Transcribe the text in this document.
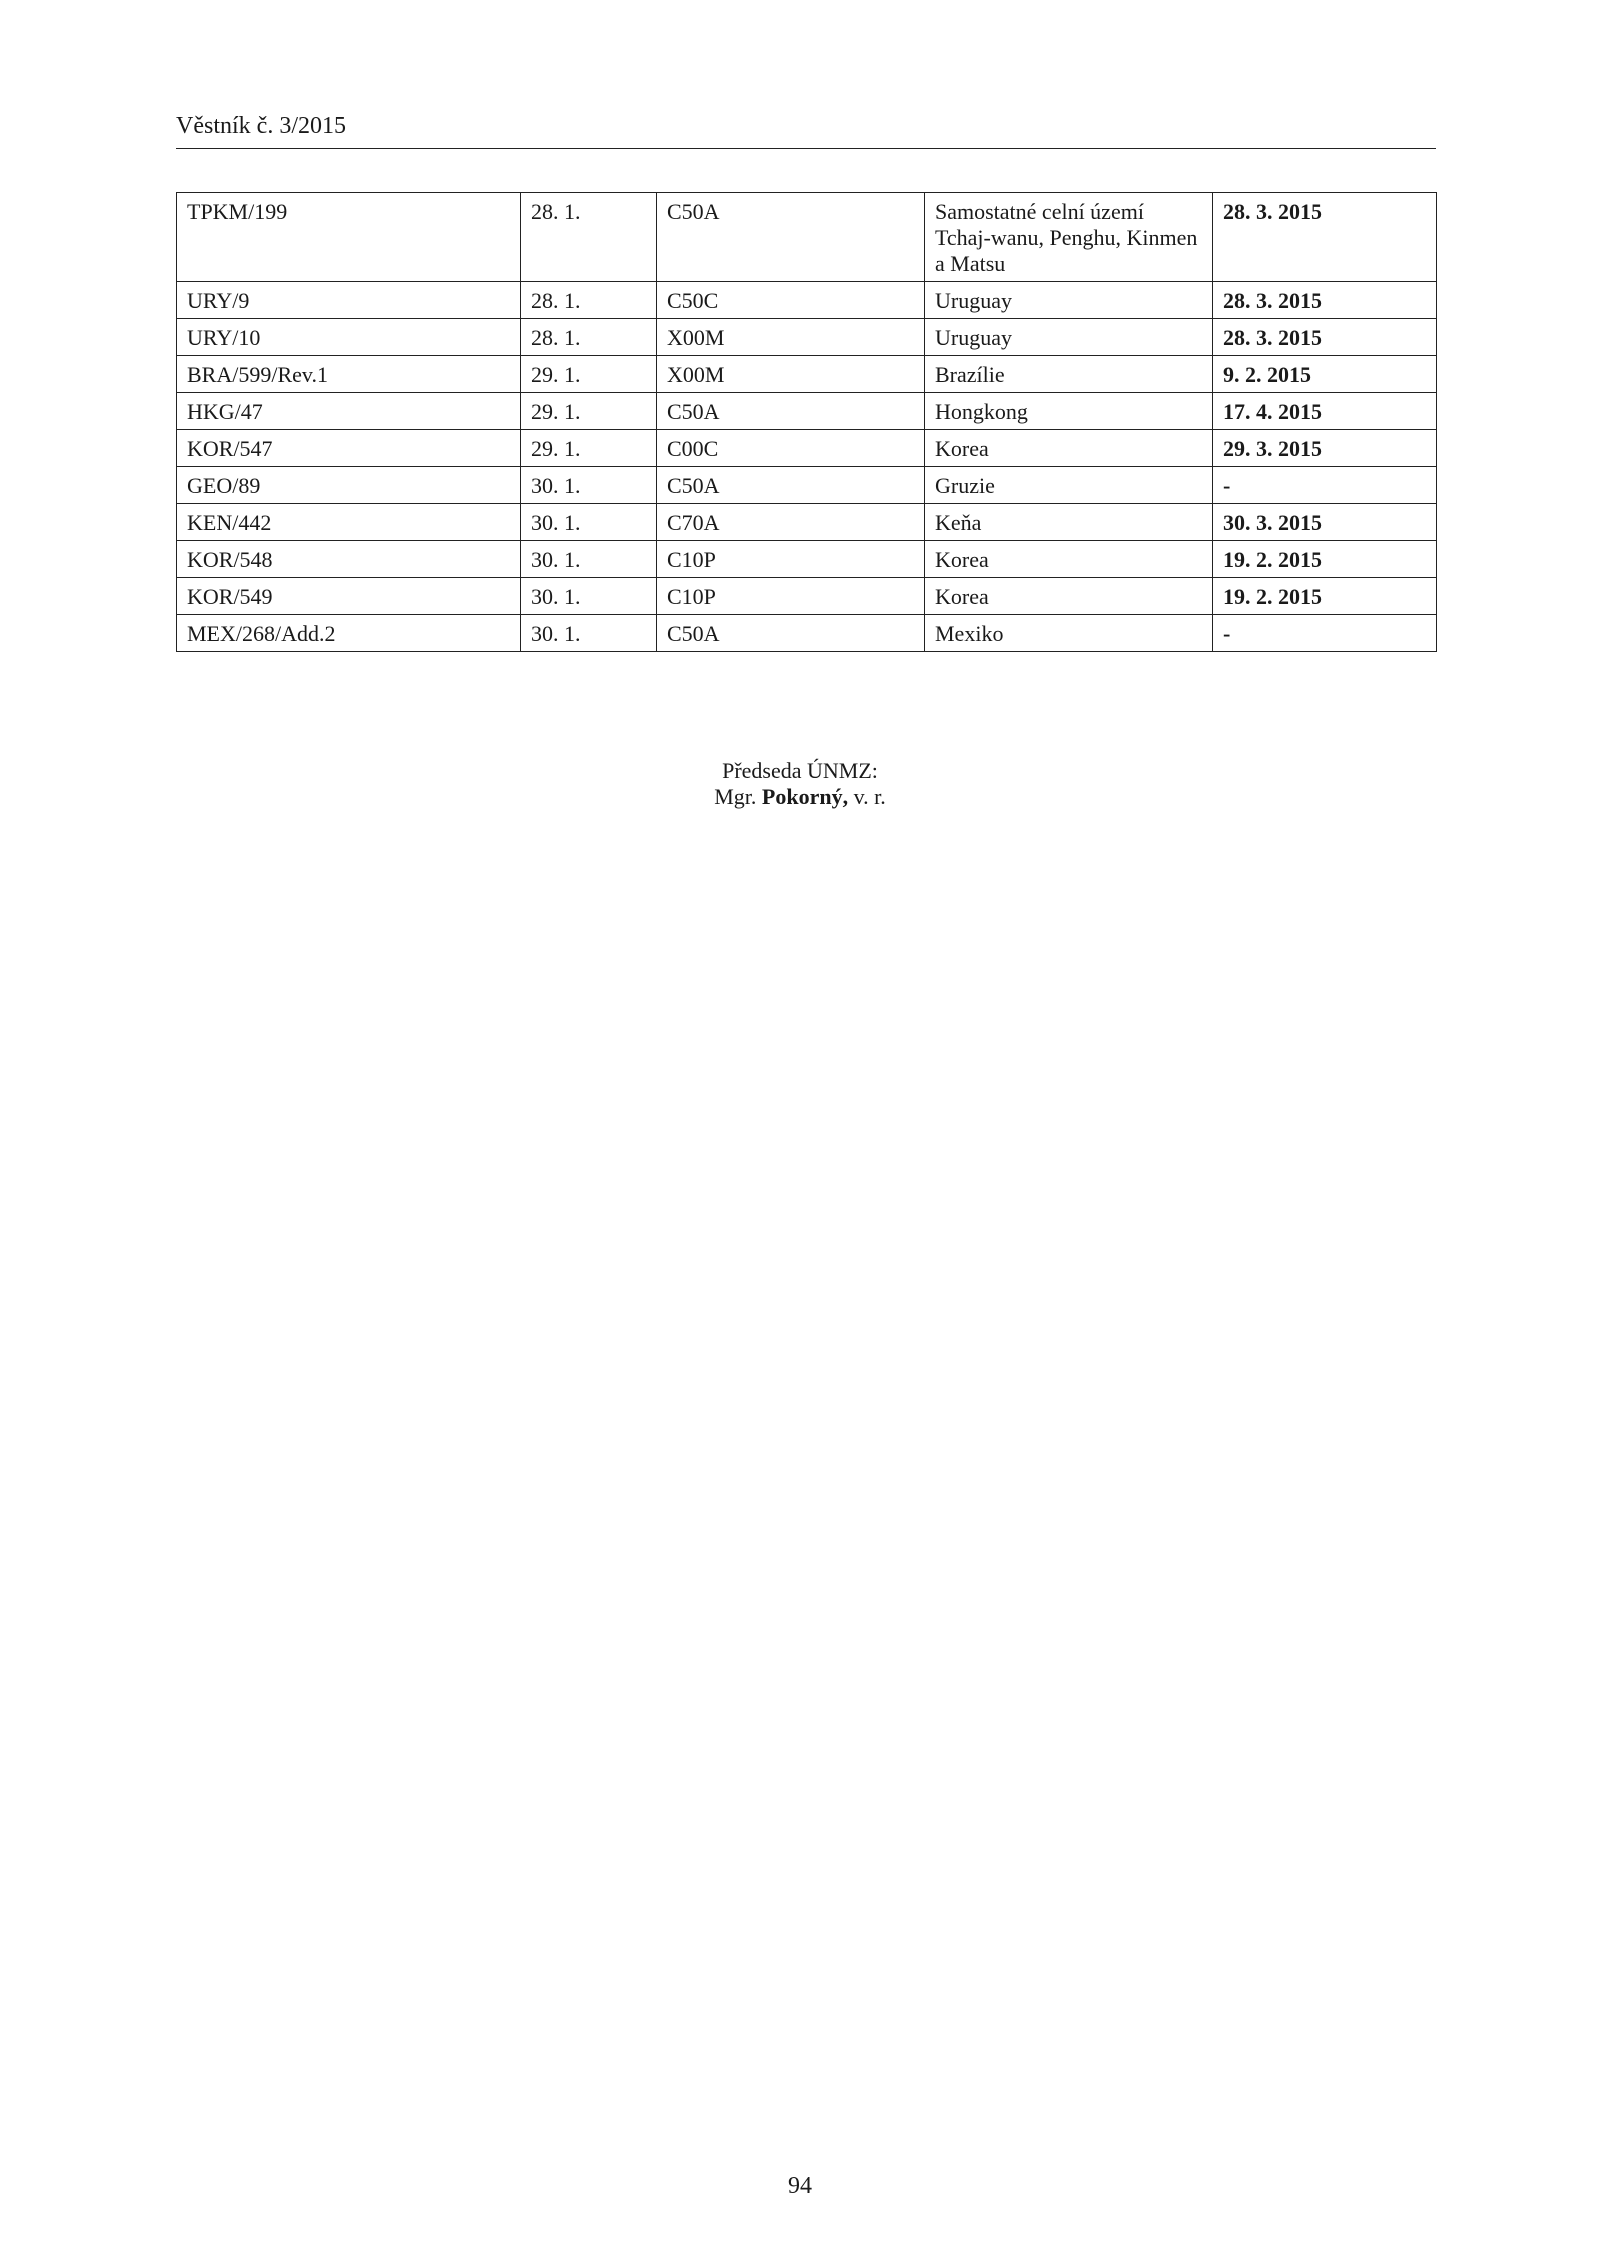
Věstník č. 3/2015
TPKM/199	28. 1.	C50A	Samostatné celní území Tchaj-wanu, Penghu, Kinmen a Matsu	28. 3. 2015
URY/9	28. 1.	C50C	Uruguay	28. 3. 2015
URY/10	28. 1.	X00M	Uruguay	28. 3. 2015
BRA/599/Rev.1	29. 1.	X00M	Brazílie	9. 2. 2015
HKG/47	29. 1.	C50A	Hongkong	17. 4. 2015
KOR/547	29. 1.	C00C	Korea	29. 3. 2015
GEO/89	30. 1.	C50A	Gruzie	-
KEN/442	30. 1.	C70A	Keňa	30. 3. 2015
KOR/548	30. 1.	C10P	Korea	19. 2. 2015
KOR/549	30. 1.	C10P	Korea	19. 2. 2015
MEX/268/Add.2	30. 1.	C50A	Mexiko	-
Předseda ÚNMZ:
Mgr. Pokorný, v. r.
94
